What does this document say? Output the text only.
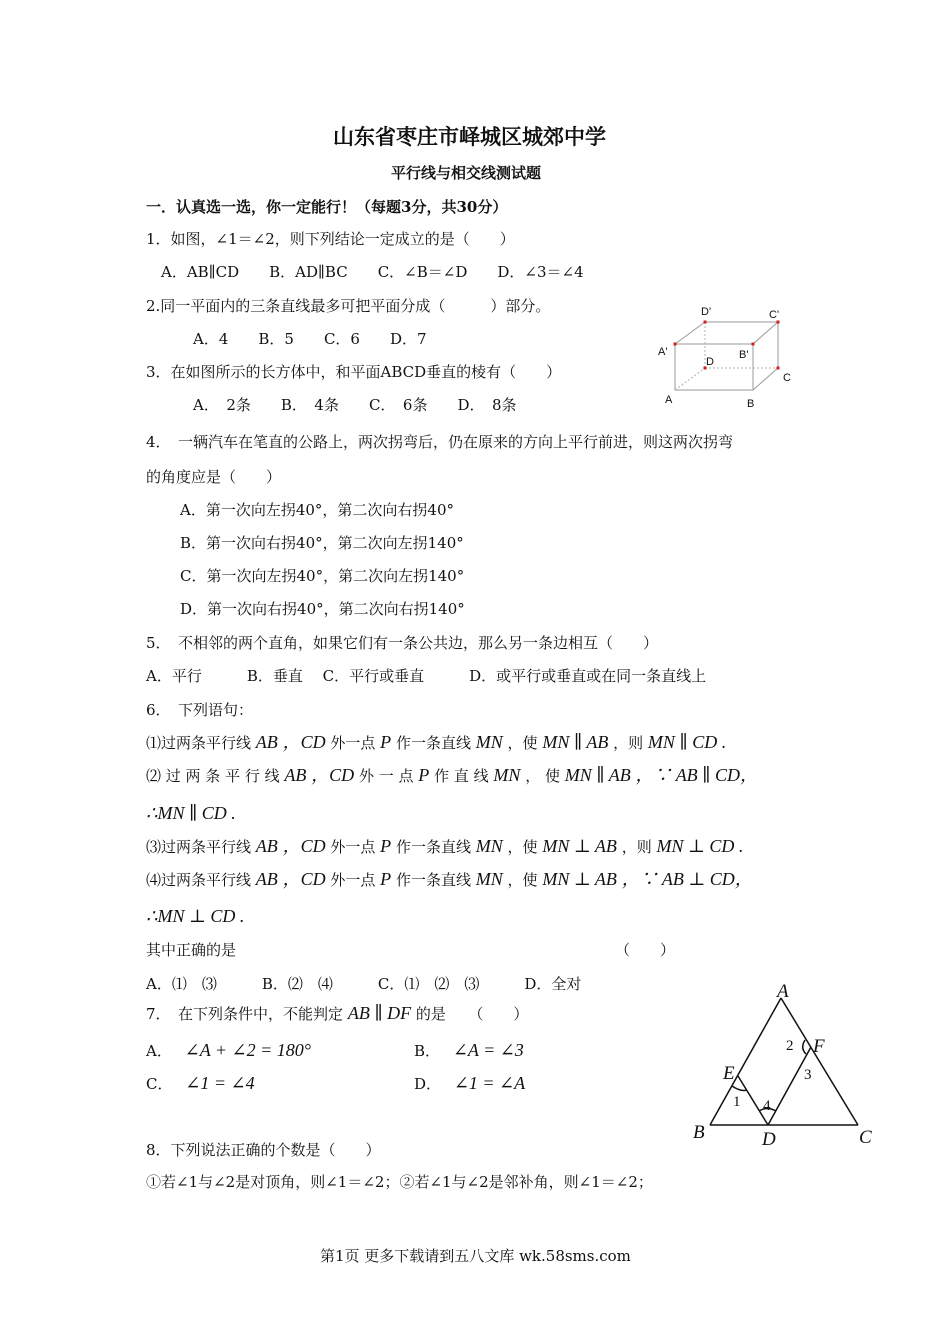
山东省枣庄市峄城区城郊中学
平行线与相交线测试题
一．认真选一选，你一定能行！（每题3分，共30分）
1．如图，∠1＝∠2，则下列结论一定成立的是（　　）
A．AB∥CD　　B．AD∥BC　　C．∠B＝∠D　　D．∠3＝∠4
2.同一平面内的三条直线最多可把平面分成（　　　）部分。
A．4　　B．5　　C．6　　D．7
3．在如图所示的长方体中，和平面ABCD垂直的棱有（　　）
A．　2条　　B．　4条　　C．　6条　　D．　8条
D'	C'
A'
D
B'
C
A	B
4．　一辆汽车在笔直的公路上，两次拐弯后，仍在原来的方向上平行前进，则这两次拐弯
的角度应是（　　）
A．第一次向左拐40°，第二次向右拐40°
B．第一次向右拐40°，第二次向左拐140°
C．第一次向左拐40°，第二次向左拐140°
D．第一次向右拐40°，第二次向右拐140°
5．　不相邻的两个直角，如果它们有一条公共边，那么另一条边相互（　　）
A．平行　　　B．垂直　 C．平行或垂直　　　D．或平行或垂直或在同一条直线上
6．　下列语句：
⑴过两条平行线 AB ，CD 外一点 P 作一条直线 MN ，使 MN ∥ AB ，则 MN ∥ CD .
⑵ 过 两 条 平 行 线 AB ，CD 外 一 点 P 作 直 线 MN ， 使 MN ∥ AB ，∵ AB ∥ CD，
∴MN ∥ CD .
⑶过两条平行线 AB ，CD 外一点 P 作一条直线 MN ，使 MN ⊥ AB ，则 MN ⊥ CD .
⑷过两条平行线 AB ，CD 外一点 P 作一条直线 MN ，使 MN ⊥ AB ，∵ AB ⊥ CD，
∴MN ⊥ CD .
其中正确的是	（　　）
A．⑴　⑶　　　B．⑵　⑷　　　C．⑴　⑵　⑶　　　D．全对
7．　在下列条件中，不能判定 AB ∥ DF 的是　　（　　）
A． ∠A + ∠2 = 180°	B． ∠A = ∠3
C． ∠1 = ∠4	D． ∠1 = ∠A
A
B	C
D
E
F
1
2
3
4
8．下列说法正确的个数是（　　）
①若∠1与∠2是对顶角，则∠1＝∠2；②若∠1与∠2是邻补角，则∠1＝∠2；
第1页 更多下载请到五八文库 wk.58sms.com
